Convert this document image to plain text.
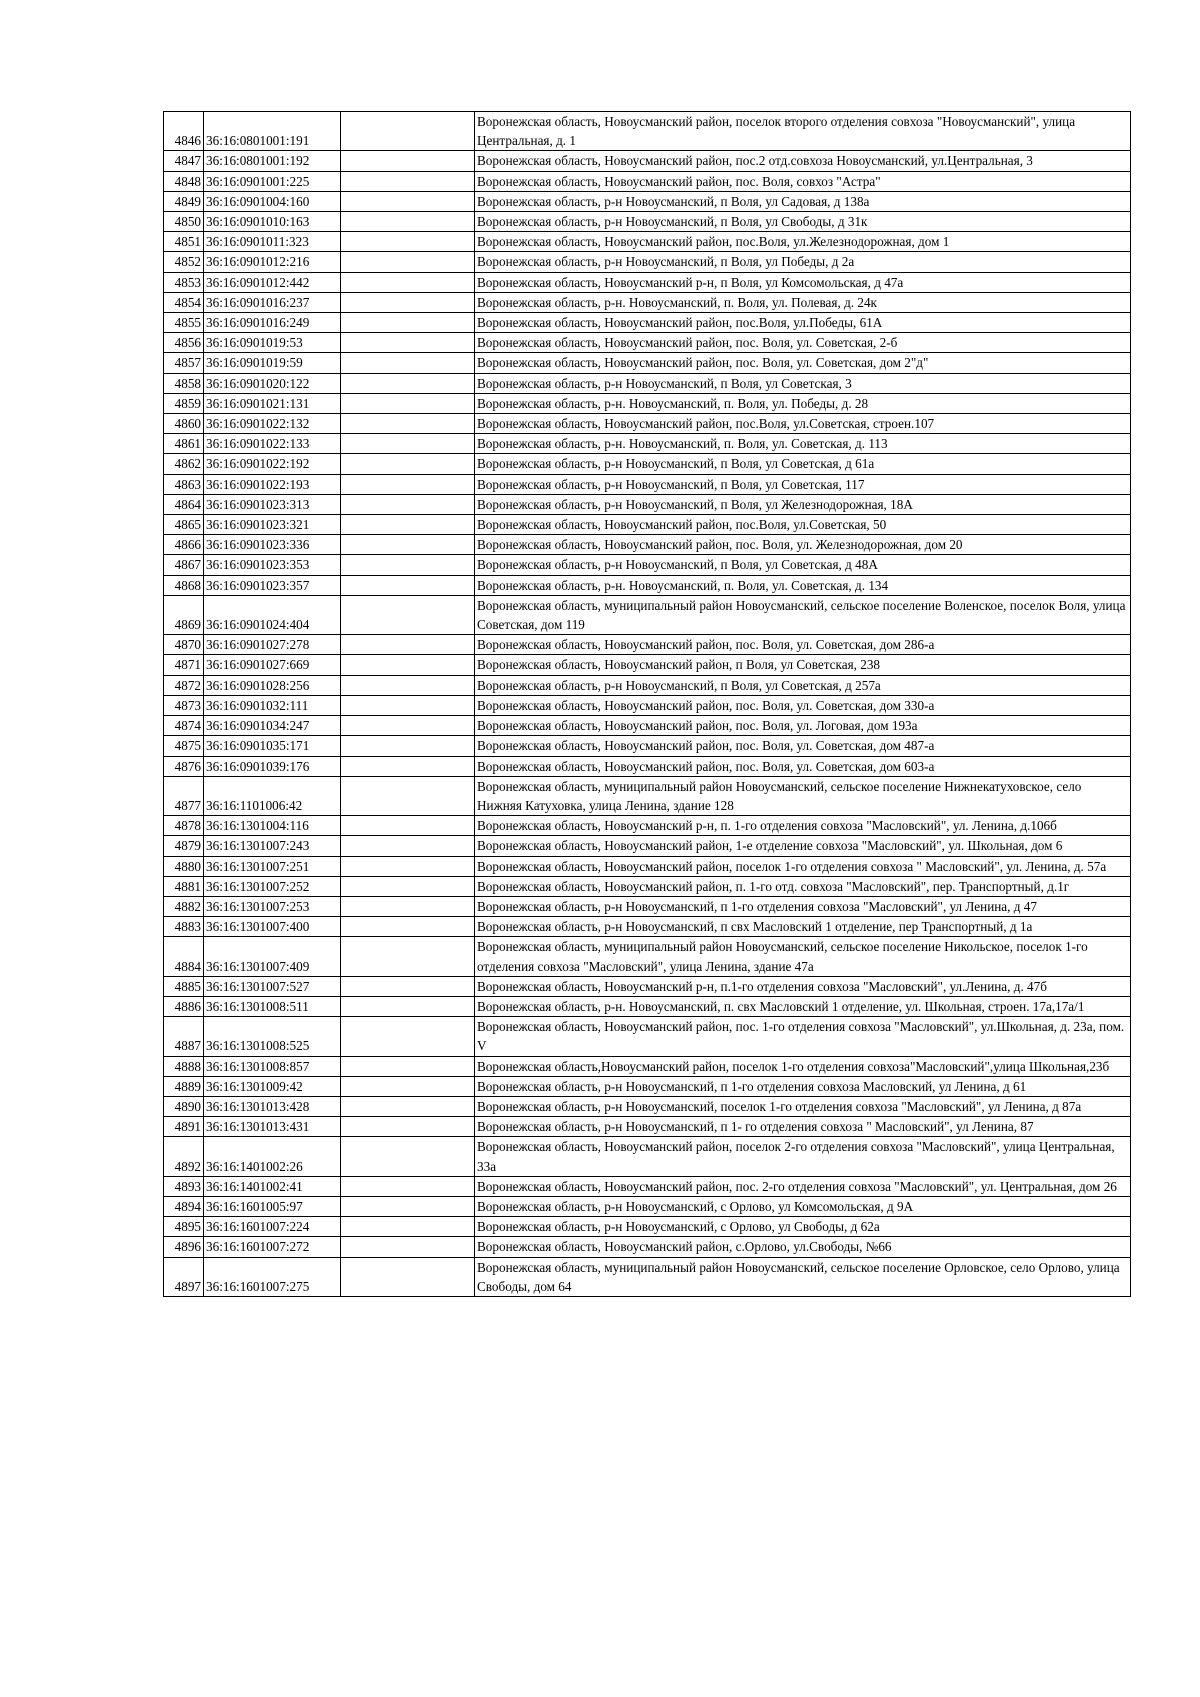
4846	36:16:0801001:191		Воронежская область, Новоусманский район, поселок второго отделения совхоза "Новоусманский", улица Центральная, д. 1
4847	36:16:0801001:192		Воронежская область, Новоусманский район, пос.2 отд.совхоза Новоусманский, ул.Центральная, 3
4848	36:16:0901001:225		Воронежская область, Новоусманский район, пос. Воля, совхоз "Астра"
4849	36:16:0901004:160		Воронежская область, р-н Новоусманский, п Воля, ул Садовая, д 138а
4850	36:16:0901010:163		Воронежская область, р-н Новоусманский, п Воля, ул Свободы, д 31к
4851	36:16:0901011:323		Воронежская область, Новоусманский район, пос.Воля, ул.Железнодорожная, дом 1
4852	36:16:0901012:216		Воронежская область, р-н Новоусманский, п Воля, ул Победы, д 2а
4853	36:16:0901012:442		Воронежская область, Новоусманский р-н, п Воля, ул Комсомольская, д 47а
4854	36:16:0901016:237		Воронежская область, р-н. Новоусманский, п. Воля, ул. Полевая, д. 24к
4855	36:16:0901016:249		Воронежская область, Новоусманский район, пос.Воля, ул.Победы, 61А
4856	36:16:0901019:53		Воронежская область, Новоусманский район, пос. Воля, ул. Советская, 2-б
4857	36:16:0901019:59		Воронежская область, Новоусманский район, пос. Воля, ул. Советская, дом 2"д"
4858	36:16:0901020:122		Воронежская область, р-н Новоусманский, п Воля, ул Советская, 3
4859	36:16:0901021:131		Воронежская область, р-н. Новоусманский, п. Воля, ул. Победы, д. 28
4860	36:16:0901022:132		Воронежская область, Новоусманский район, пос.Воля, ул.Советская, строен.107
4861	36:16:0901022:133		Воронежская область, р-н. Новоусманский, п. Воля, ул. Советская, д. 113
4862	36:16:0901022:192		Воронежская область, р-н Новоусманский, п Воля, ул Советская, д 61а
4863	36:16:0901022:193		Воронежская область, р-н Новоусманский, п Воля, ул Советская, 117
4864	36:16:0901023:313		Воронежская область, р-н Новоусманский, п Воля, ул Железнодорожная, 18А
4865	36:16:0901023:321		Воронежская область, Новоусманский район, пос.Воля, ул.Советская, 50
4866	36:16:0901023:336		Воронежская область, Новоусманский район, пос. Воля, ул. Железнодорожная, дом 20
4867	36:16:0901023:353		Воронежская область, р-н Новоусманский, п Воля, ул Советская, д 48А
4868	36:16:0901023:357		Воронежская область, р-н. Новоусманский, п. Воля, ул. Советская, д. 134
4869	36:16:0901024:404		Воронежская область, муниципальный район Новоусманский, сельское поселение Воленское, поселок Воля, улица Советская, дом 119
4870	36:16:0901027:278		Воронежская область, Новоусманский район, пос. Воля, ул. Советская, дом 286-а
4871	36:16:0901027:669		Воронежская область, Новоусманский район, п Воля, ул Советская, 238
4872	36:16:0901028:256		Воронежская область, р-н Новоусманский, п Воля, ул Советская, д 257а
4873	36:16:0901032:111		Воронежская область, Новоусманский район, пос. Воля, ул. Советская, дом 330-а
4874	36:16:0901034:247		Воронежская область, Новоусманский район, пос. Воля, ул. Логовая, дом 193а
4875	36:16:0901035:171		Воронежская область, Новоусманский район, пос. Воля, ул. Советская, дом 487-а
4876	36:16:0901039:176		Воронежская область, Новоусманский район, пос. Воля, ул. Советская, дом 603-а
4877	36:16:1101006:42		Воронежская область, муниципальный район Новоусманский, сельское поселение Нижнекатуховское, село Нижняя Катуховка, улица Ленина, здание 128
4878	36:16:1301004:116		Воронежская область, Новоусманский р-н, п. 1-го отделения совхоза "Масловский", ул. Ленина, д.106б
4879	36:16:1301007:243		Воронежская область, Новоусманский район, 1-е отделение совхоза "Масловский", ул. Школьная, дом 6
4880	36:16:1301007:251		Воронежская область, Новоусманский район, поселок 1-го отделения совхоза " Масловский", ул. Ленина, д. 57а
4881	36:16:1301007:252		Воронежская область, Новоусманский район, п. 1-го отд. совхоза "Масловский", пер. Транспортный, д.1г
4882	36:16:1301007:253		Воронежская область, р-н Новоусманский, п 1-го отделения совхоза "Масловский", ул Ленина, д 47
4883	36:16:1301007:400		Воронежская область, р-н Новоусманский, п свх Масловский 1 отделение, пер Транспортный, д 1а
4884	36:16:1301007:409		Воронежская область, муниципальный район Новоусманский, сельское поселение Никольское, поселок 1-го отделения совхоза "Масловский", улица Ленина, здание 47а
4885	36:16:1301007:527		Воронежская область, Новоусманский р-н, п.1-го отделения совхоза "Масловский", ул.Ленина, д. 47б
4886	36:16:1301008:511		Воронежская область, р-н. Новоусманский, п. свх Масловский 1 отделение, ул. Школьная, строен. 17а,17а/1
4887	36:16:1301008:525		Воронежская область, Новоусманский район, пос. 1-го отделения совхоза "Масловский", ул.Школьная, д. 23а, пом. V
4888	36:16:1301008:857		Воронежская область,Новоусманский район, поселок 1-го отделения совхоза"Масловский",улица Школьная,23б
4889	36:16:1301009:42		Воронежская область, р-н Новоусманский, п 1-го отделения совхоза Масловский, ул Ленина, д 61
4890	36:16:1301013:428		Воронежская область, р-н Новоусманский, поселок 1-го отделения совхоза "Масловский", ул Ленина, д 87а
4891	36:16:1301013:431		Воронежская область, р-н Новоусманский, п 1- го отделения совхоза " Масловский", ул Ленина, 87
4892	36:16:1401002:26		Воронежская область, Новоусманский район, поселок 2-го отделения совхоза "Масловский", улица Центральная, 33а
4893	36:16:1401002:41		Воронежская область, Новоусманский район, пос. 2-го отделения совхоза "Масловский", ул. Центральная, дом 26
4894	36:16:1601005:97		Воронежская область, р-н Новоусманский, с Орлово, ул Комсомольская, д 9А
4895	36:16:1601007:224		Воронежская область, р-н Новоусманский, с Орлово, ул Свободы, д 62а
4896	36:16:1601007:272		Воронежская область, Новоусманский район, с.Орлово, ул.Свободы, №66
4897	36:16:1601007:275		Воронежская область, муниципальный район Новоусманский, сельское поселение Орловское, село Орлово, улица Свободы, дом 64
